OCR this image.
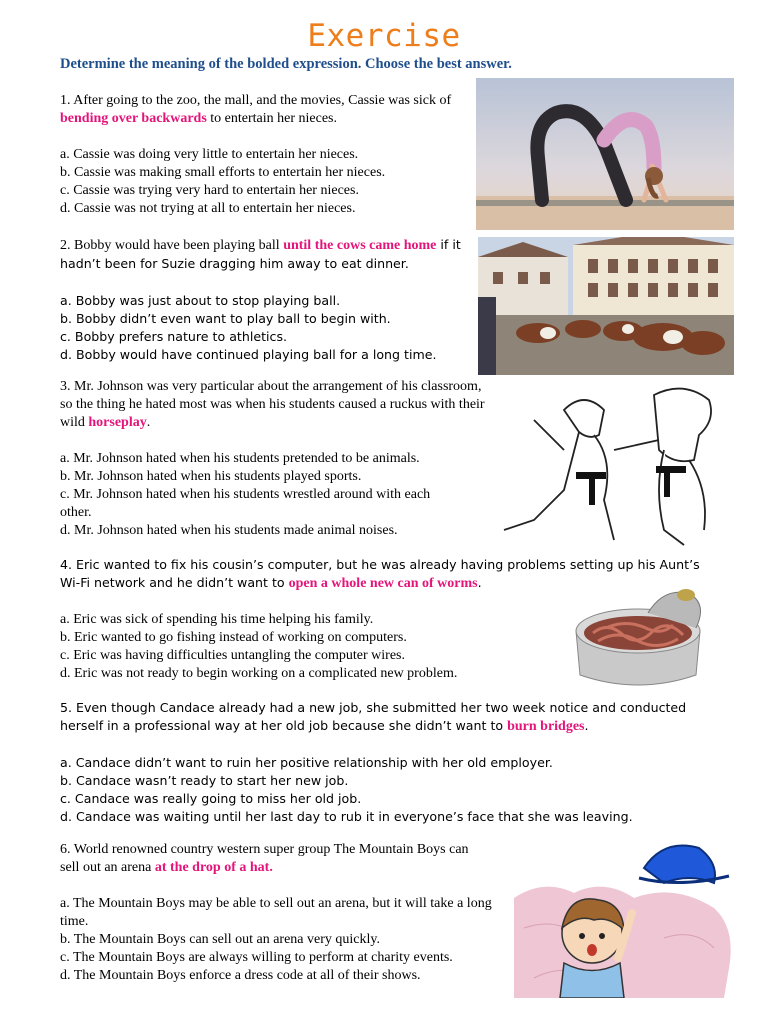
Exercise
Determine the meaning of the bolded expression. Choose the best answer.

1. After going to the zoo, the mall, and the movies, Cassie was sick of bending over backwards to entertain her nieces.

a. Cassie was doing very little to entertain her nieces.

b. Cassie was making small efforts to entertain her nieces.

c. Cassie was trying very hard to entertain her nieces.

d. Cassie was not trying at all to entertain her nieces.

2. Bobby would have been playing ball until the cows came home if it hadn’t been for Suzie dragging him away to eat dinner.

a. Bobby was just about to stop playing ball.

b. Bobby didn’t even want to play ball to begin with.

c. Bobby prefers nature to athletics.

d. Bobby would have continued playing ball for a long time.

3. Mr. Johnson was very particular about the arrangement of his classroom, so the thing he hated most was when his students caused a ruckus with their wild horseplay.

a. Mr. Johnson hated when his students pretended to be animals.

b. Mr. Johnson hated when his students played sports.

c. Mr. Johnson hated when his students wrestled around with each other.

d. Mr. Johnson hated when his students made animal noises.

4. Eric wanted to fix his cousin’s computer, but he was already having problems setting up his Aunt’s Wi-Fi network and he didn’t want to open a whole new can of worms.

a. Eric was sick of spending his time helping his family.

b. Eric wanted to go fishing instead of working on computers.

c. Eric was having difficulties untangling the computer wires.

d. Eric was not ready to begin working on a complicated new problem.

5. Even though Candace already had a new job, she submitted her two week notice and conducted herself in a professional way at her old job because she didn’t want to burn bridges.

a. Candace didn’t want to ruin her positive relationship with her old employer.

b. Candace wasn’t ready to start her new job.

c. Candace was really going to miss her old job.

d. Candace was waiting until her last day to rub it in everyone’s face that she was leaving.

6. World renowned country western super group The Mountain Boys can sell out an arena at the drop of a hat.

a. The Mountain Boys may be able to sell out an arena, but it will take a long time.

b. The Mountain Boys can sell out an arena very quickly.

c. The Mountain Boys are always willing to perform at charity events.

d. The Mountain Boys enforce a dress code at all of their shows.
